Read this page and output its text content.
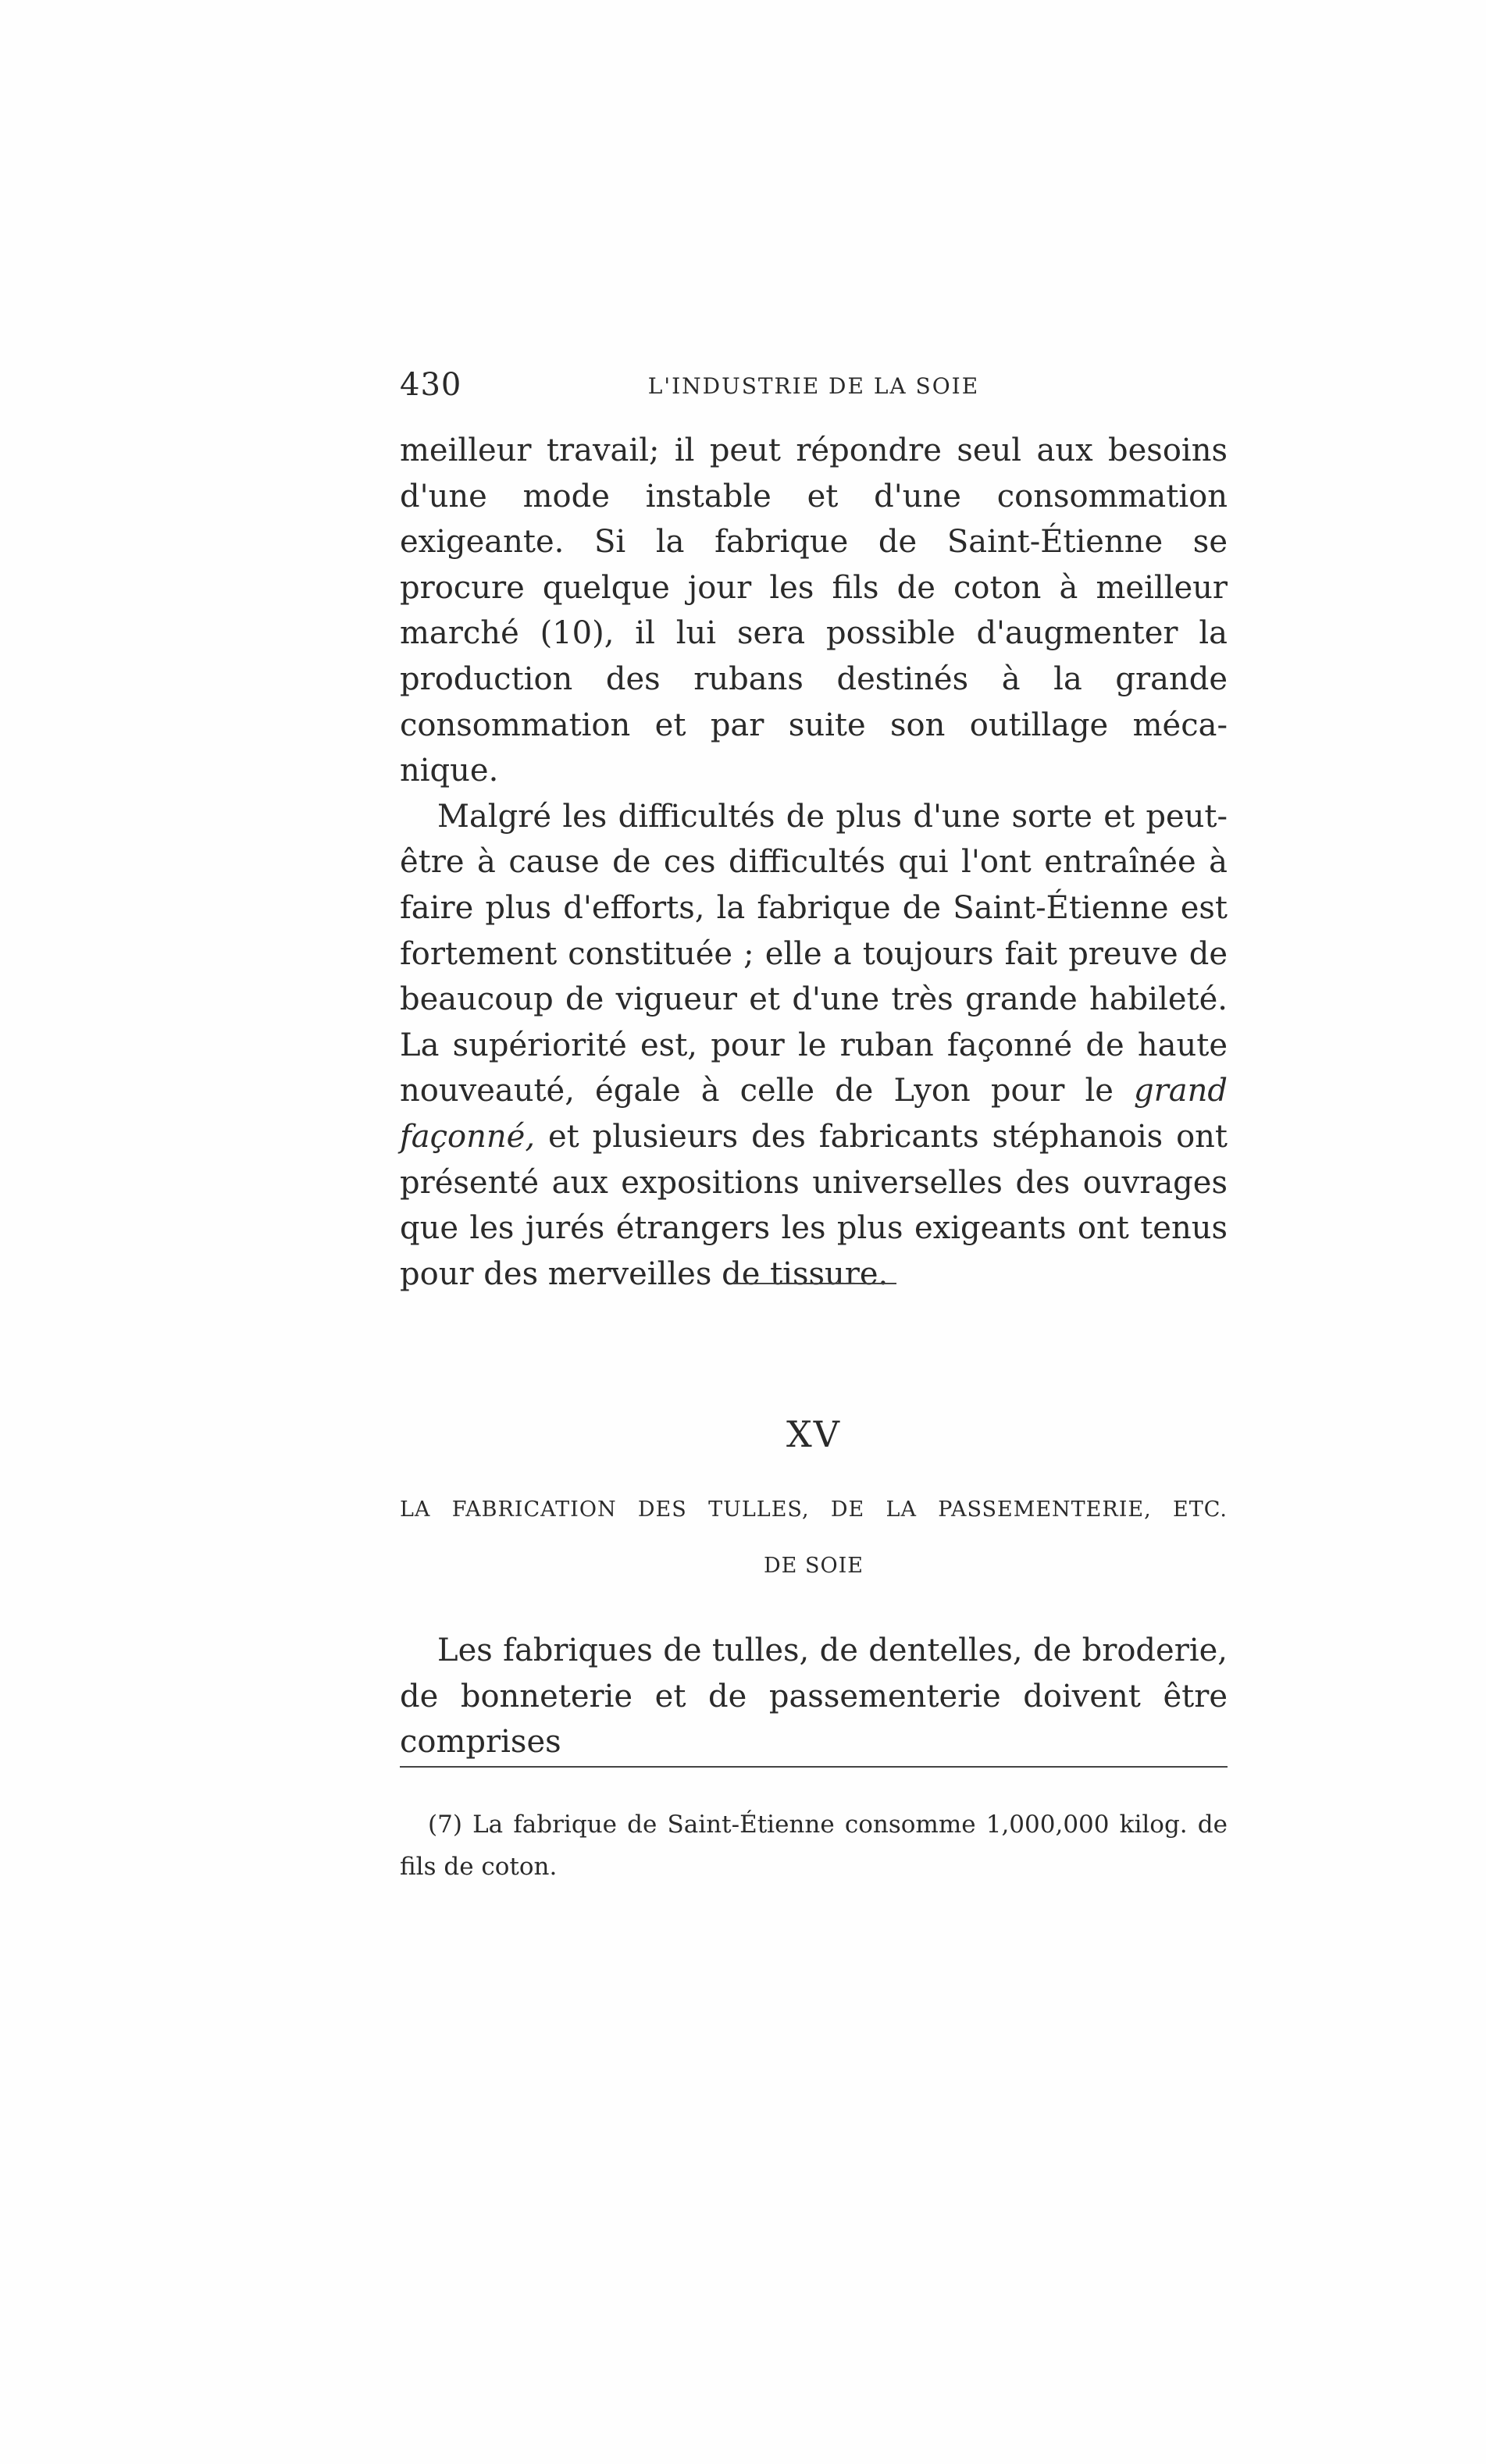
430	L'INDUSTRIE DE LA SOIE

meilleur travail; il peut répondre seul aux besoins d'une mode instable et d'une consommation exigeante. Si la fabrique de Saint-Étienne se procure quelque jour les fils de coton à meilleur marché (10), il lui sera possible d'augmenter la production des rubans destinés à la grande consommation et par suite son outillage méca-nique.

Malgré les difficultés de plus d'une sorte et peut-être à cause de ces difficultés qui l'ont entraînée à faire plus d'efforts, la fabrique de Saint-Étienne est fortement constituée ; elle a toujours fait preuve de beaucoup de vigueur et d'une très grande habileté. La supériorité est, pour le ruban façonné de haute nouveauté, égale à celle de Lyon pour le grand façonné, et plusieurs des fabricants stéphanois ont présenté aux expositions universelles des ouvrages que les jurés étrangers les plus exigeants ont tenus pour des merveilles de tissure.

XV
LA FABRICATION DES TULLES, DE LA PASSEMENTERIE, ETC.
DE SOIE

Les fabriques de tulles, de dentelles, de broderie, de bonneterie et de passementerie doivent être comprises

(7) La fabrique de Saint-Étienne consomme 1,000,000 kilog. de fils de coton.
